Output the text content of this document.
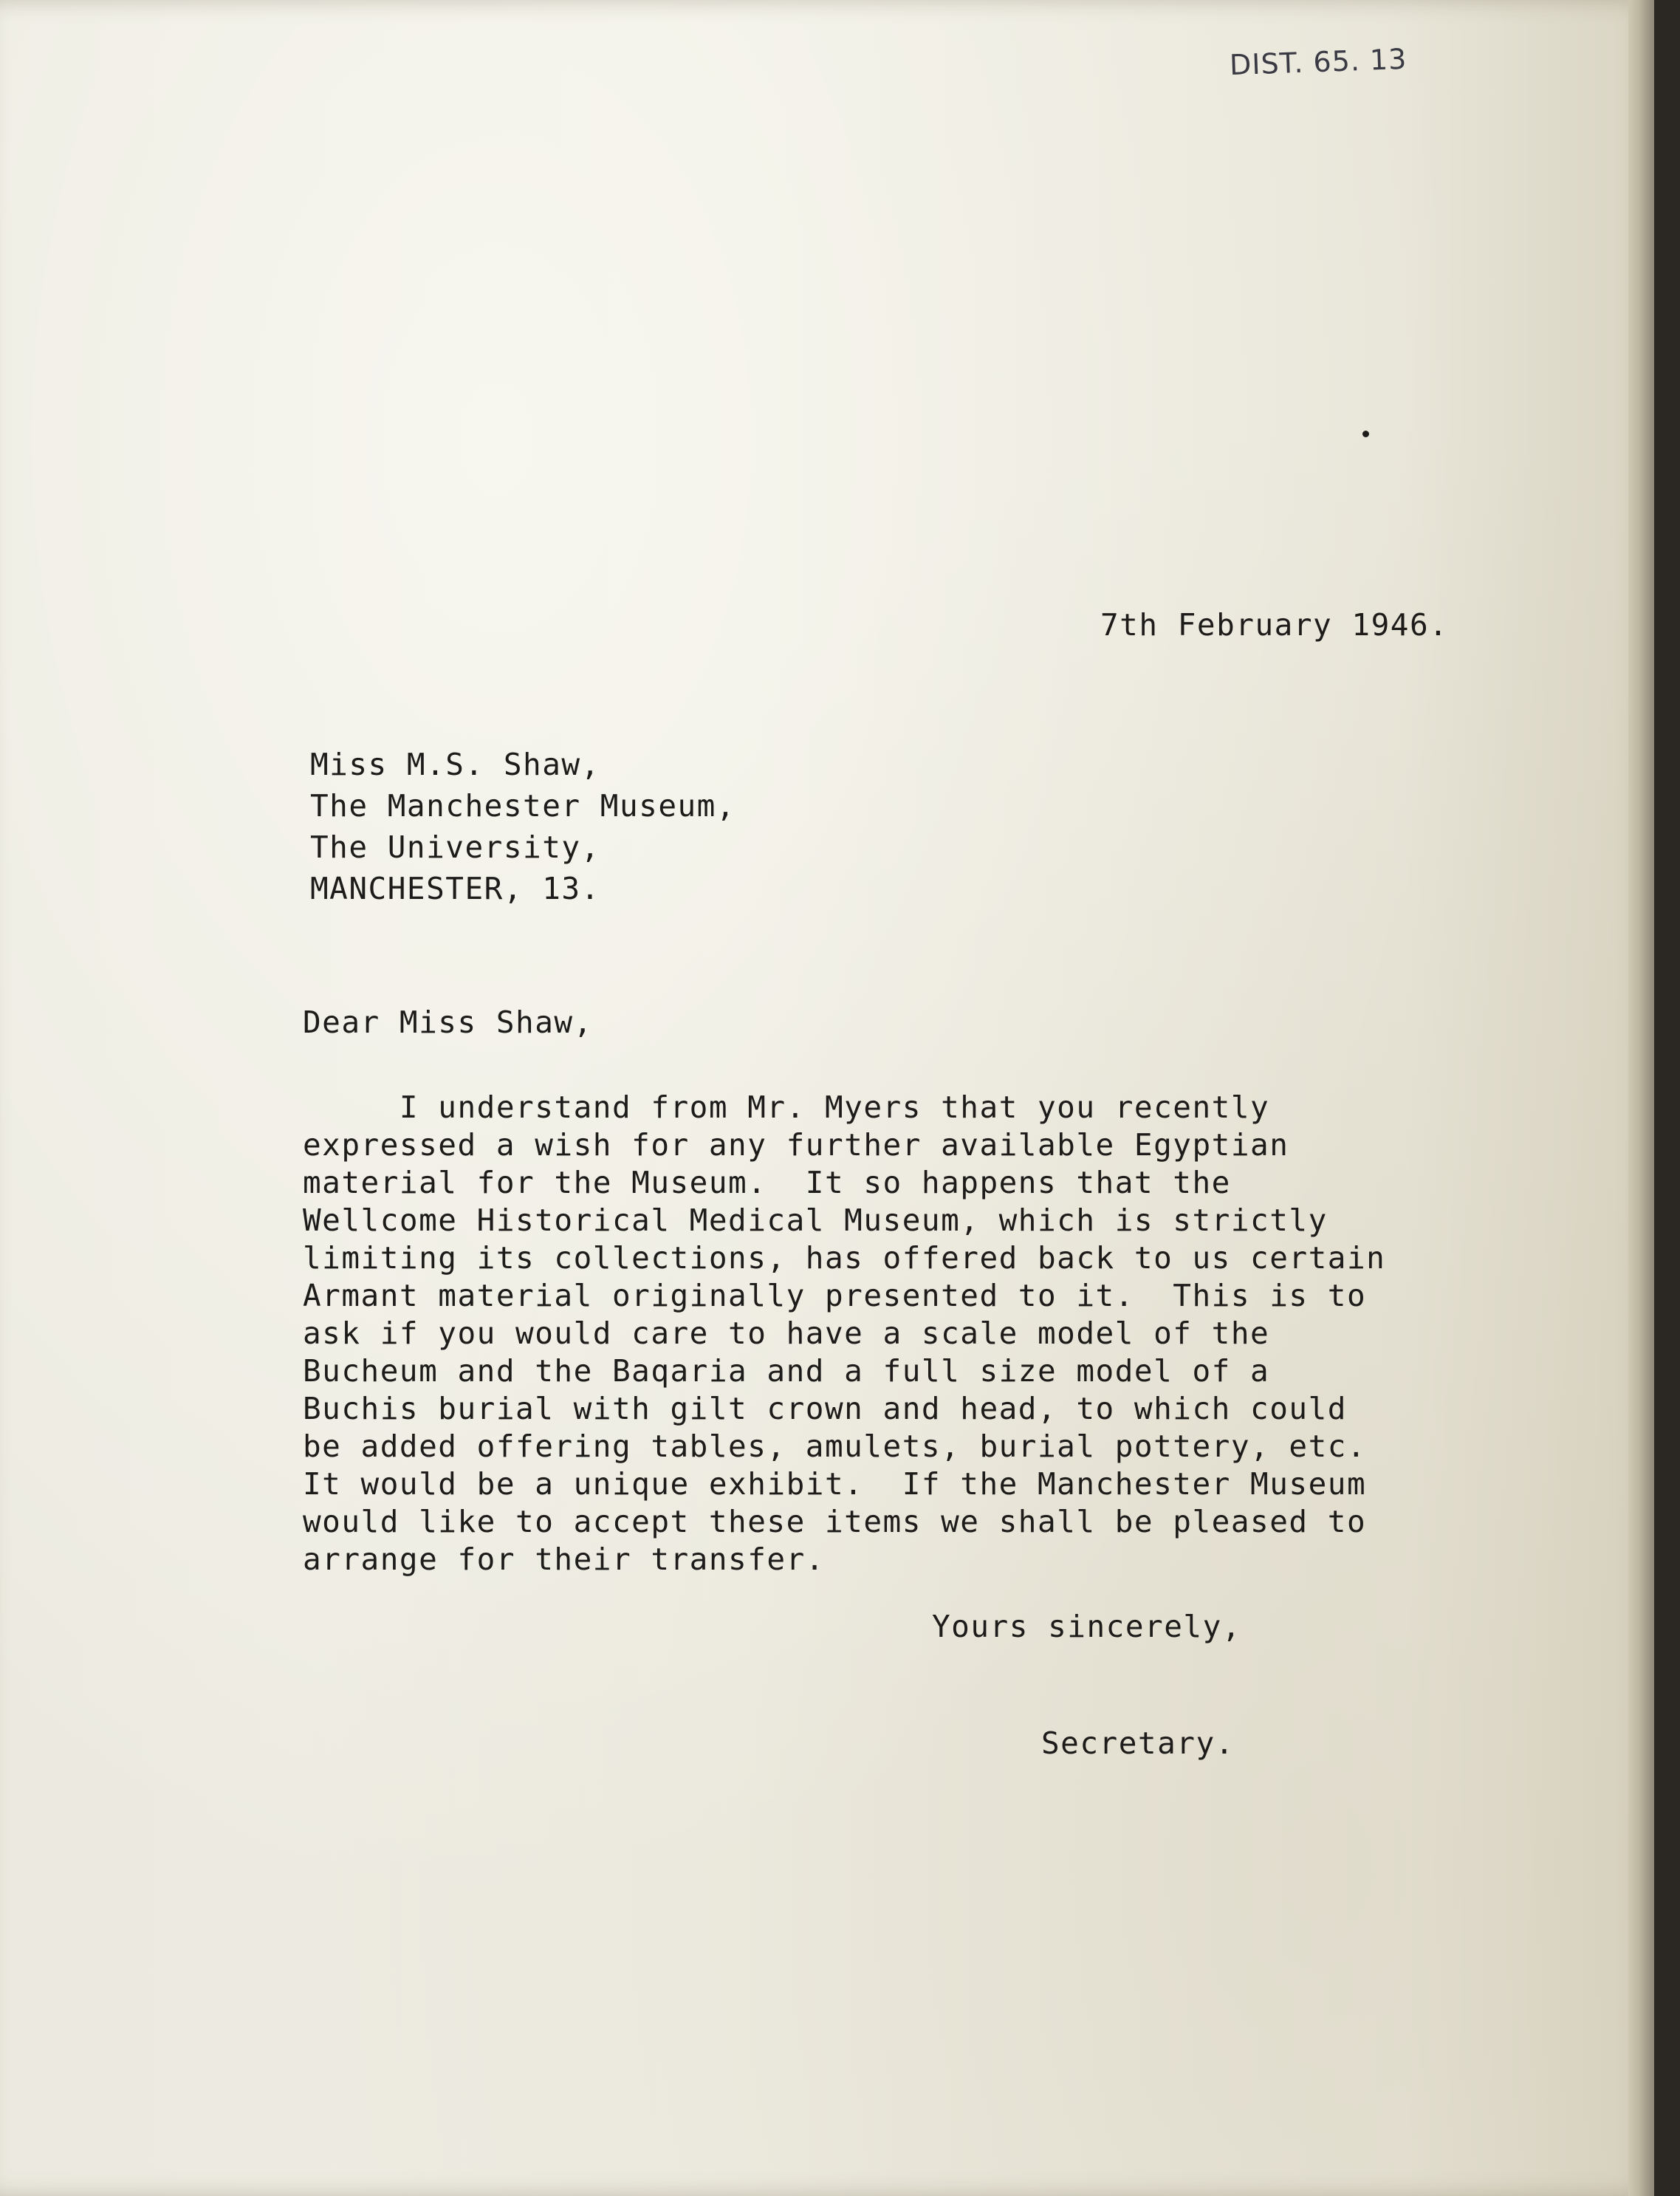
DIST. 65. 13
7th February 1946.
Miss M.S. Shaw,
The Manchester Museum,
The University,
MANCHESTER, 13.
Dear Miss Shaw,
I understand from Mr. Myers that you recently
expressed a wish for any further available Egyptian
material for the Museum.  It so happens that the
Wellcome Historical Medical Museum, which is strictly
limiting its collections, has offered back to us certain
Armant material originally presented to it.  This is to
ask if you would care to have a scale model of the
Bucheum and the Baqaria and a full size model of a
Buchis burial with gilt crown and head, to which could
be added offering tables, amulets, burial pottery, etc.
It would be a unique exhibit.  If the Manchester Museum
would like to accept these items we shall be pleased to
arrange for their transfer.
Yours sincerely,
Secretary.
